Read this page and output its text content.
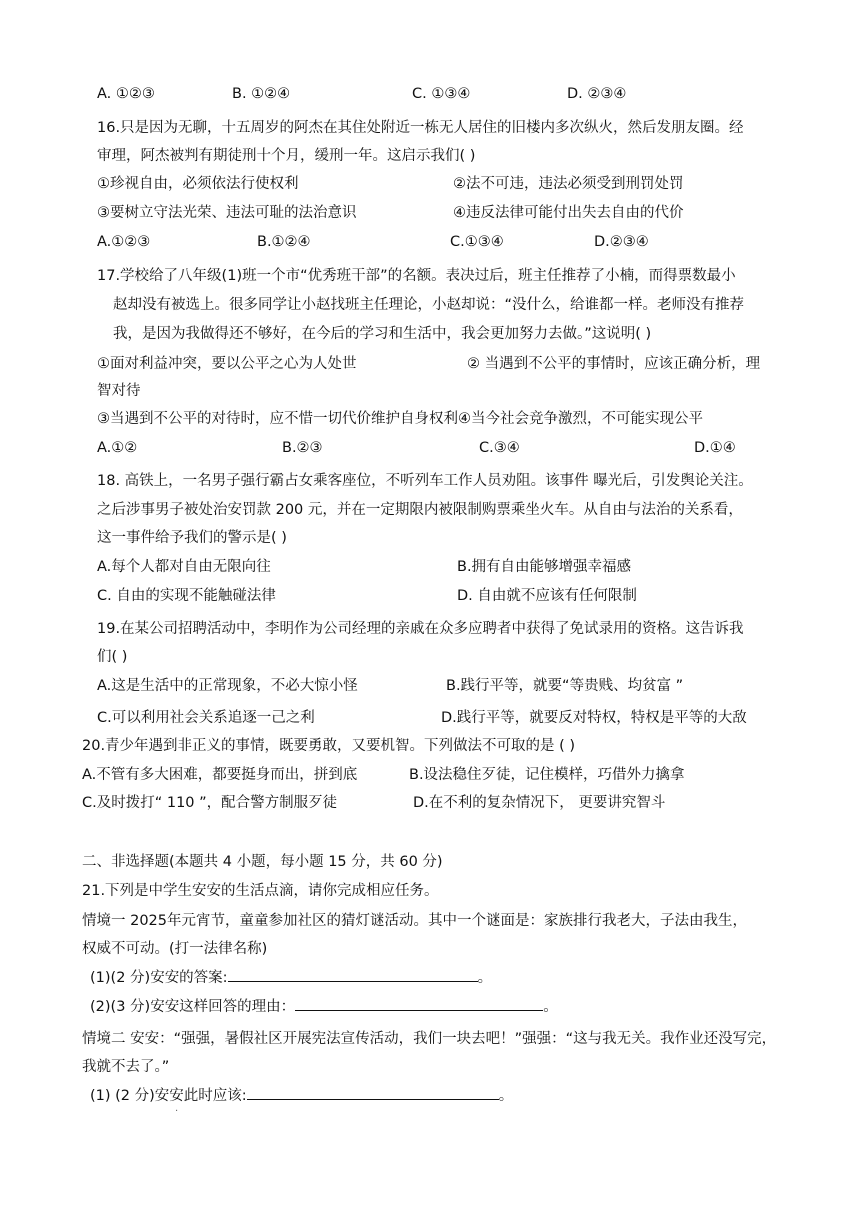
A. ①②③	B. ①②④	C. ①③④	D. ②③④
16.只是因为无聊，十五周岁的阿杰在其住处附近一栋无人居住的旧楼内多次纵火，然后发朋友圈。经
审理，阿杰被判有期徒刑十个月，缓刑一年。这启示我们( )
①珍视自由，必须依法行使权利	②法不可违，违法必须受到刑罚处罚
③要树立守法光荣、违法可耻的法治意识	④违反法律可能付出失去自由的代价
A.①②③	B.①②④	C.①③④	D.②③④
17.学校给了八年级(1)班一个市“优秀班干部”的名额。表决过后，班主任推荐了小楠，而得票数最小
赵却没有被选上。很多同学让小赵找班主任理论，小赵却说：“没什么，给谁都一样。老师没有推荐
我，是因为我做得还不够好，在今后的学习和生活中，我会更加努力去做。”这说明( )
①面对利益冲突，要以公平之心为人处世	② 当遇到不公平的事情时，应该正确分析，理
智对待
③当遇到不公平的对待时，应不惜一切代价维护自身权利④当今社会竞争激烈，不可能实现公平
A.①②	B.②③	C.③④	D.①④
18. 高铁上，一名男子强行霸占女乘客座位，不听列车工作人员劝阻。该事件 曝光后，引发舆论关注。
之后涉事男子被处治安罚款 200 元，并在一定期限内被限制购票乘坐火车。从自由与法治的关系看，
这一事件给予我们的警示是( )
A.每个人都对自由无限向往	B.拥有自由能够增强幸福感
C. 自由的实现不能触碰法律	D. 自由就不应该有任何限制
19.在某公司招聘活动中，李明作为公司经理的亲戚在众多应聘者中获得了免试录用的资格。这告诉我
们( )
A.这是生活中的正常现象，不必大惊小怪	B.践行平等，就要“等贵贱、均贫富 ”
C.可以利用社会关系追逐一己之利	D.践行平等，就要反对特权，特权是平等的大敌
20.青少年遇到非正义的事情，既要勇敢，又要机智。下列做法不可取的是 ( )
A.不管有多大困难，都要挺身而出，拼到底	B.设法稳住歹徒，记住模样，巧借外力擒拿
C.及时拨打“ 110 ”，配合警方制服歹徒	D.在不利的复杂情况下， 更要讲究智斗
二、非选择题(本题共 4 小题，每小题 15 分，共 60 分)
21.下列是中学生安安的生活点滴，请你完成相应任务。
情境一 2025年元宵节，童童参加社区的猜灯谜活动。其中一个谜面是：家族排行我老大，子法由我生，
权威不可动。(打一法律名称)
(1)(2 分)安安的答案:	。
(2)(3 分)安安这样回答的理由：	。
情境二 安安：“强强，暑假社区开展宪法宣传活动，我们一块去吧！”强强：“这与我无关。我作业还没写完，
我就不去了。”
(1) (2 分)安安此时应该:	。
·
